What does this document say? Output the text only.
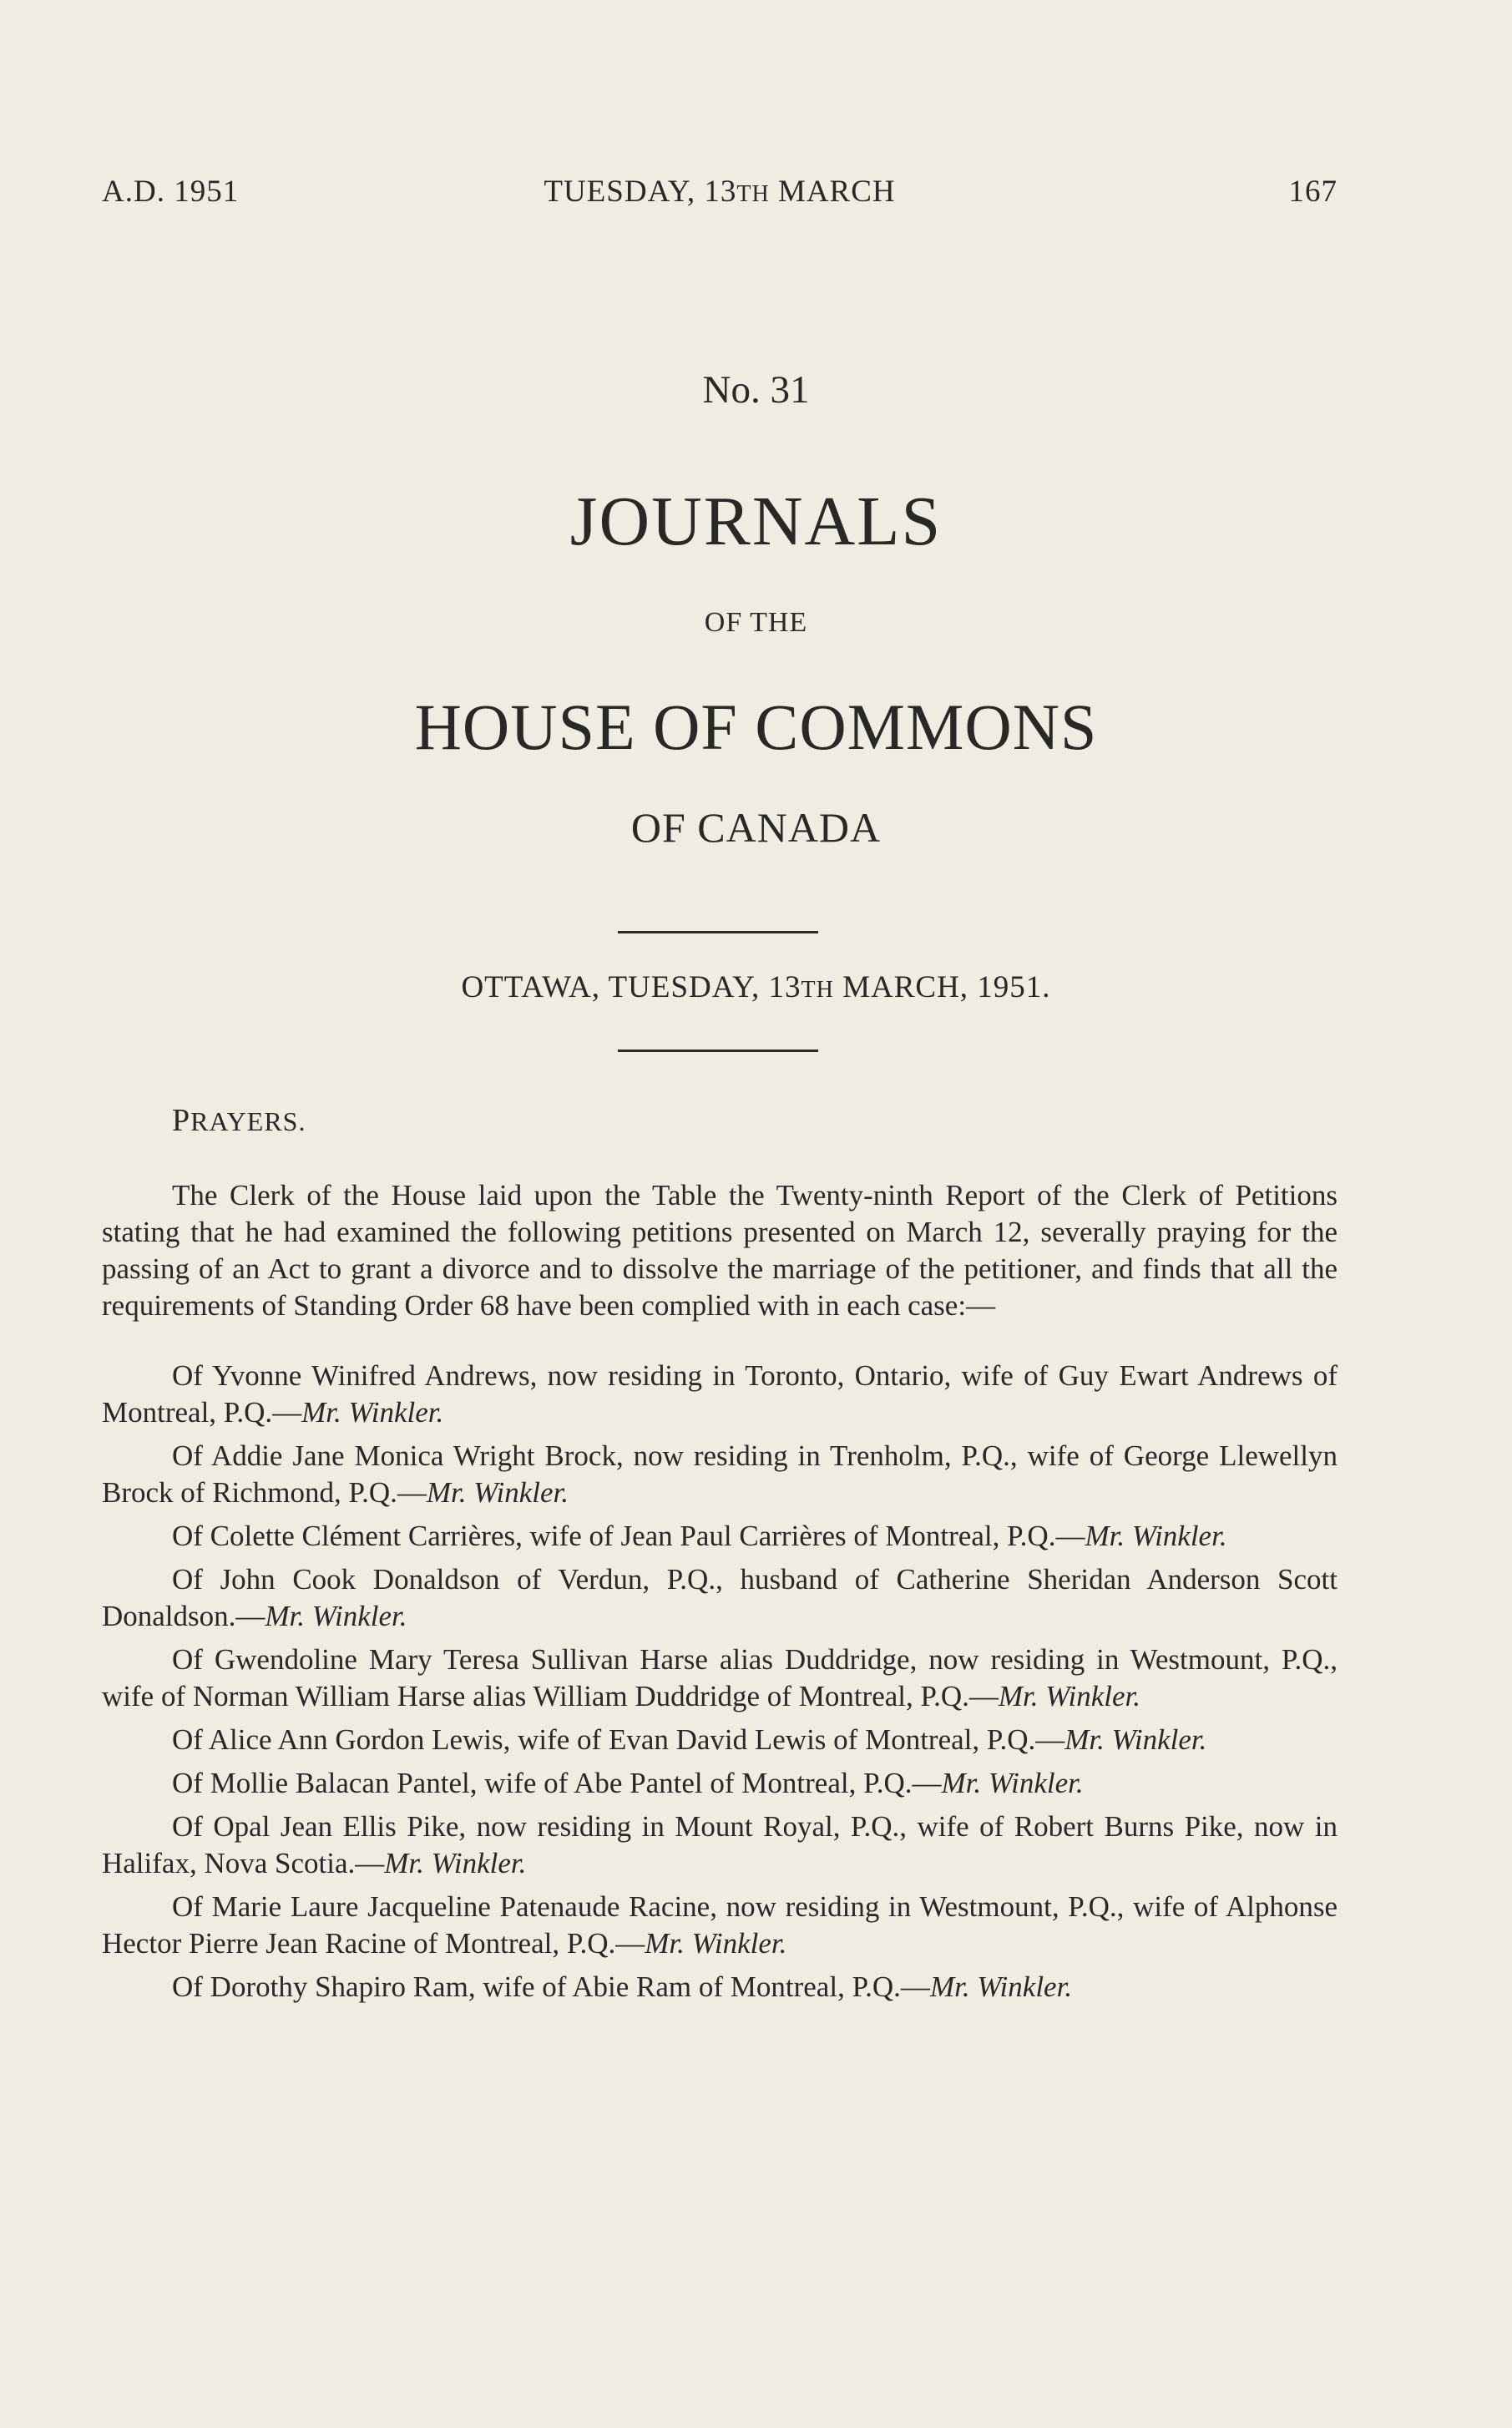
A.D. 1951	TUESDAY, 13TH MARCH	167
No. 31
JOURNALS
OF THE
HOUSE OF COMMONS
OF CANADA
OTTAWA, TUESDAY, 13TH MARCH, 1951.
PRAYERS.
The Clerk of the House laid upon the Table the Twenty-ninth Report of the Clerk of Petitions stating that he had examined the following petitions presented on March 12, severally praying for the passing of an Act to grant a divorce and to dissolve the marriage of the petitioner, and finds that all the requirements of Standing Order 68 have been complied with in each case:—

Of Yvonne Winifred Andrews, now residing in Toronto, Ontario, wife of Guy Ewart Andrews of Montreal, P.Q.—Mr. Winkler.

Of Addie Jane Monica Wright Brock, now residing in Trenholm, P.Q., wife of George Llewellyn Brock of Richmond, P.Q.—Mr. Winkler.

Of Colette Clément Carrières, wife of Jean Paul Carrières of Montreal, P.Q.—Mr. Winkler.

Of John Cook Donaldson of Verdun, P.Q., husband of Catherine Sheridan Anderson Scott Donaldson.—Mr. Winkler.

Of Gwendoline Mary Teresa Sullivan Harse alias Duddridge, now residing in Westmount, P.Q., wife of Norman William Harse alias William Duddridge of Montreal, P.Q.—Mr. Winkler.

Of Alice Ann Gordon Lewis, wife of Evan David Lewis of Montreal, P.Q.—Mr. Winkler.

Of Mollie Balacan Pantel, wife of Abe Pantel of Montreal, P.Q.—Mr. Winkler.

Of Opal Jean Ellis Pike, now residing in Mount Royal, P.Q., wife of Robert Burns Pike, now in Halifax, Nova Scotia.—Mr. Winkler.

Of Marie Laure Jacqueline Patenaude Racine, now residing in Westmount, P.Q., wife of Alphonse Hector Pierre Jean Racine of Montreal, P.Q.—Mr. Winkler.

Of Dorothy Shapiro Ram, wife of Abie Ram of Montreal, P.Q.—Mr. Winkler.
